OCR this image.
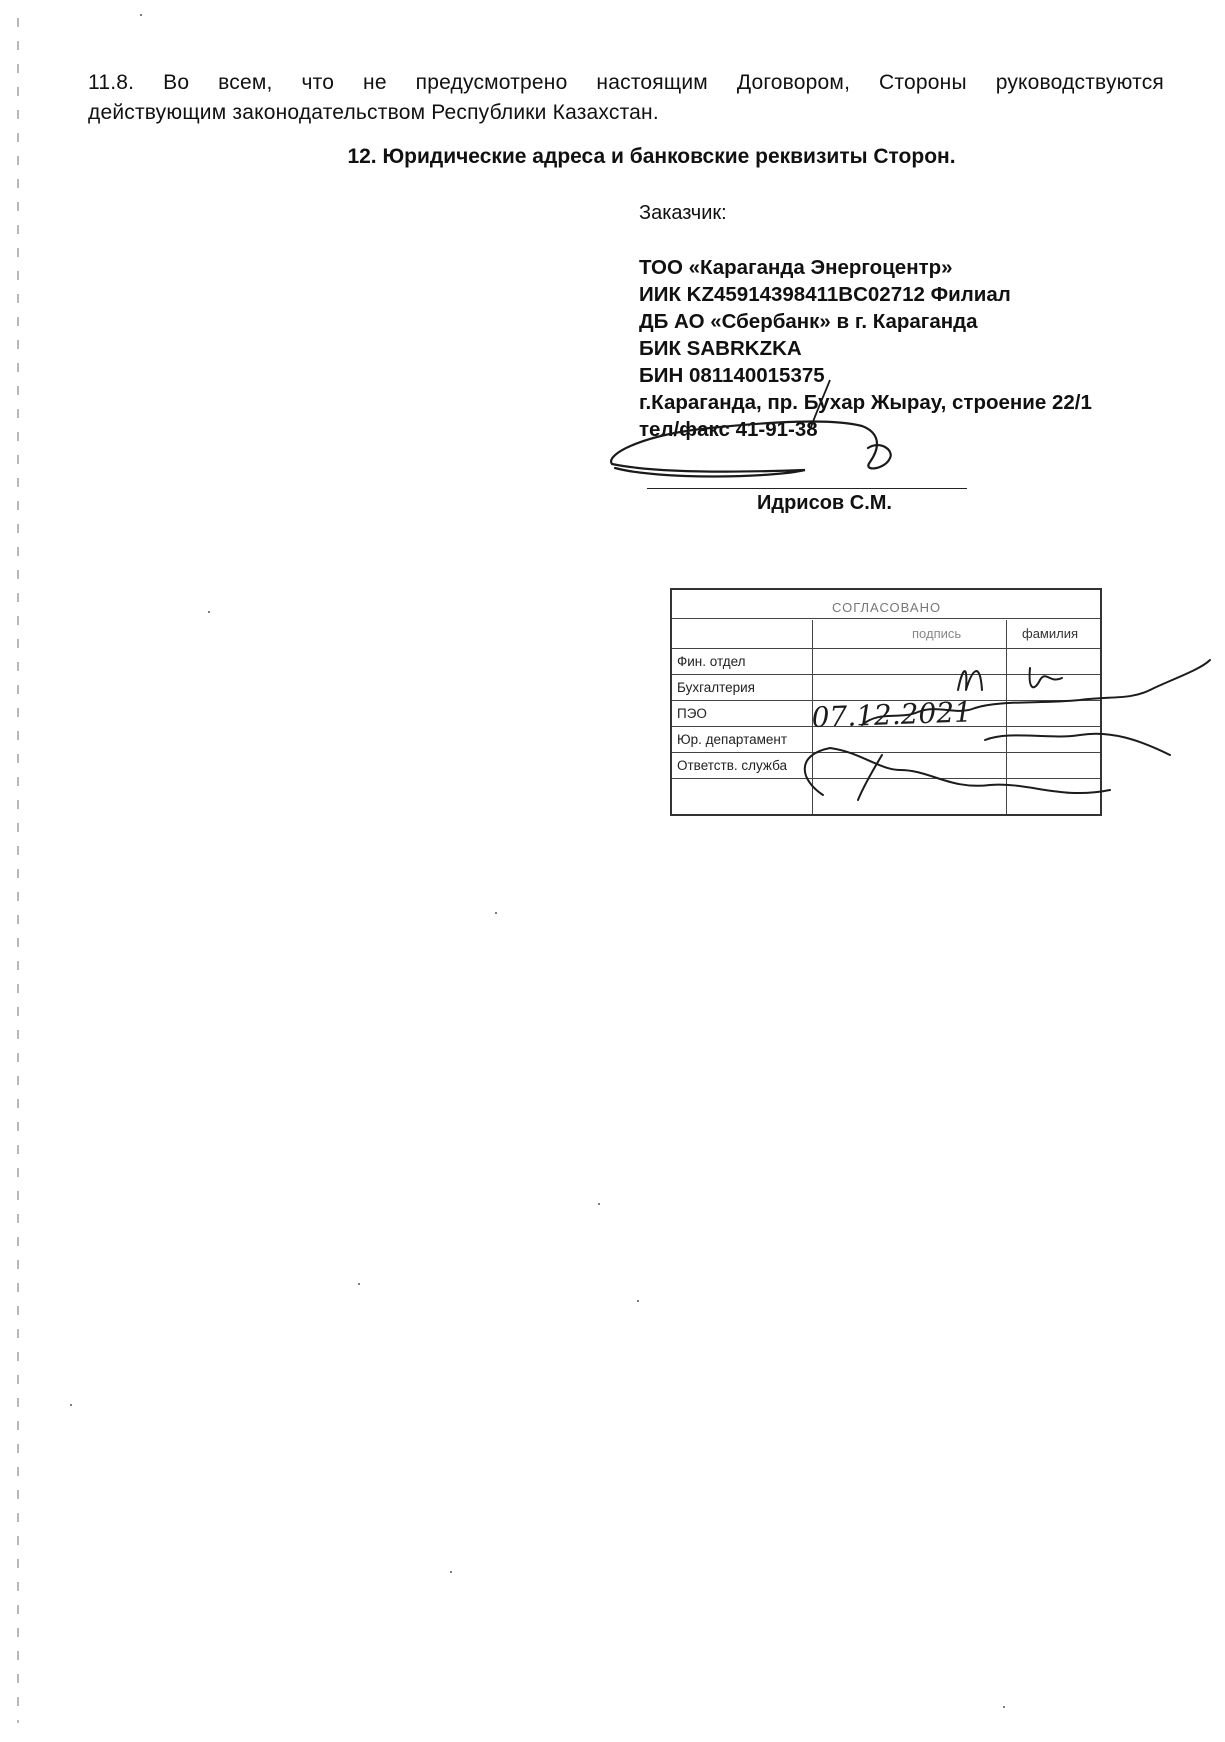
11.8. Во всем, что не предусмотрено настоящим Договором, Стороны руководствуются
действующим законодательством Республики Казахстан.
12. Юридические адреса и банковские реквизиты Сторон.
Заказчик:
ТОО «Караганда Энергоцентр»
ИИК KZ45914398411BC02712 Филиал
ДБ АО «Сбербанк» в г. Караганда
БИК SABRKZKA
БИН 081140015375
г.Караганда, пр. Бухар Жырау, строение 22/1
тел/факс 41-91-38
Идрисов С.М.
СОГЛАСОВАНО
подпись	фамилия
Фин. отдел
Бухгалтерия
ПЭО
Юр. департамент
Ответств. служба
07.12.2021
